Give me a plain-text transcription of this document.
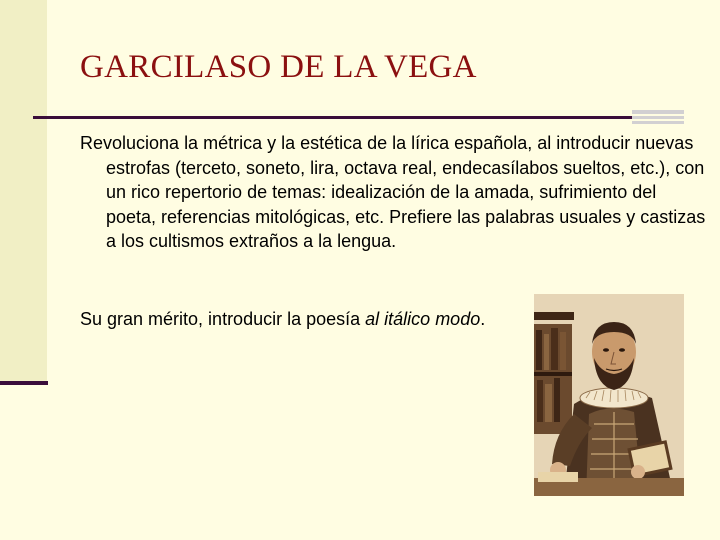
GARCILASO DE LA VEGA

Revoluciona la métrica y la estética de la lírica española, al introducir nuevas estrofas (terceto, soneto, lira, octava real, endecasílabos sueltos, etc.), con un rico repertorio de temas: idealización de la amada, sufrimiento del poeta, referencias mitológicas, etc. Prefiere las palabras usuales y castizas a los cultismos extraños a la lengua.

Su gran mérito, introducir la poesía al itálico modo.
